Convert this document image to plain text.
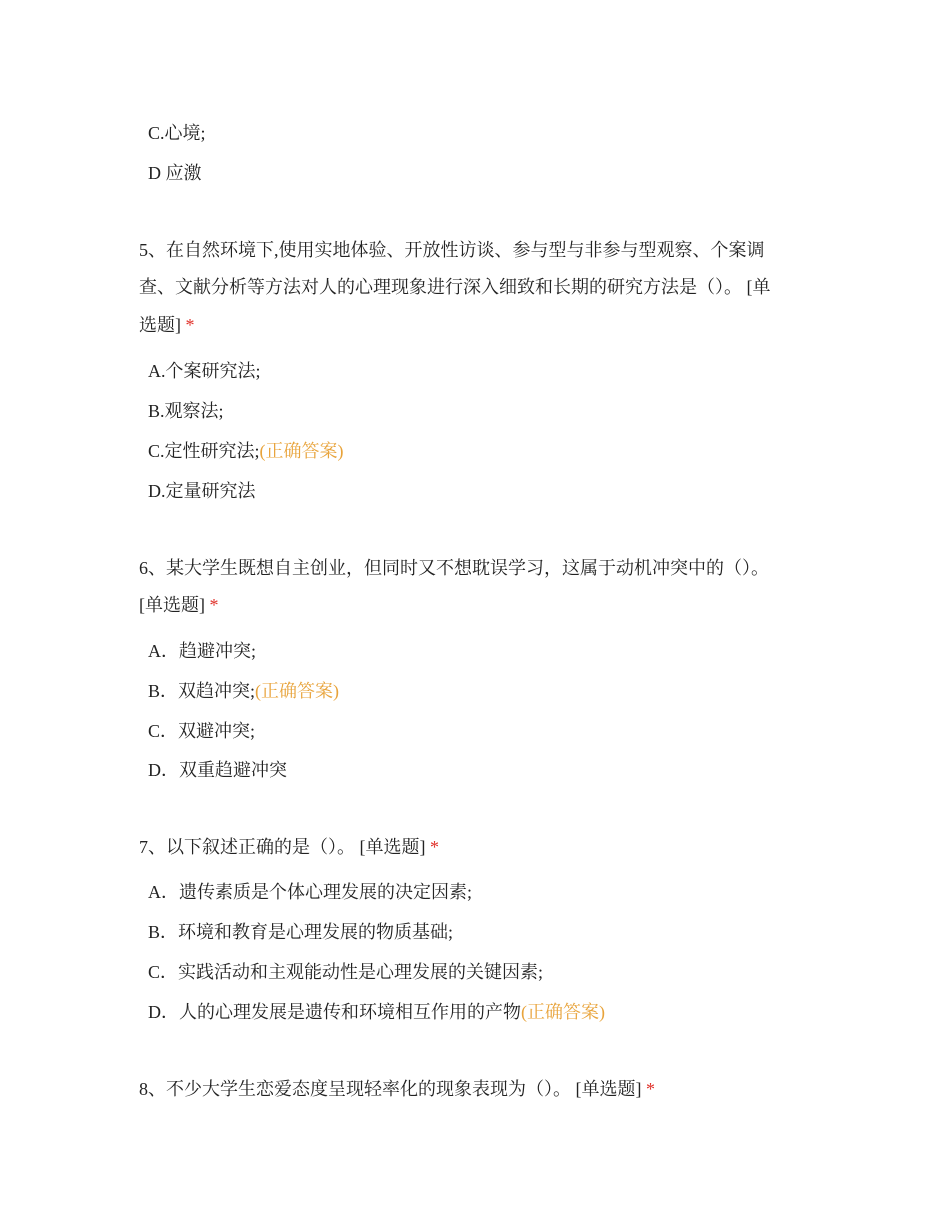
C.心境;
D 应激
5、在自然环境下,使用实地体验、开放性访谈、参与型与非参与型观察、个案调
查、文献分析等方法对人的心理现象进行深入细致和长期的研究方法是（）。 [单
选题] *
A.个案研究法;
B.观察法;
C.定性研究法;(正确答案)
D.定量研究法
6、某大学生既想自主创业，但同时又不想耽误学习，这属于动机冲突中的（）。
[单选题] *
A．趋避冲突;
B．双趋冲突;(正确答案)
C．双避冲突;
D．双重趋避冲突
7、以下叙述正确的是（）。 [单选题] *
A．遗传素质是个体心理发展的决定因素;
B．环境和教育是心理发展的物质基础;
C．实践活动和主观能动性是心理发展的关键因素;
D．人的心理发展是遗传和环境相互作用的产物(正确答案)
8、不少大学生恋爱态度呈现轻率化的现象表现为（）。 [单选题] *
